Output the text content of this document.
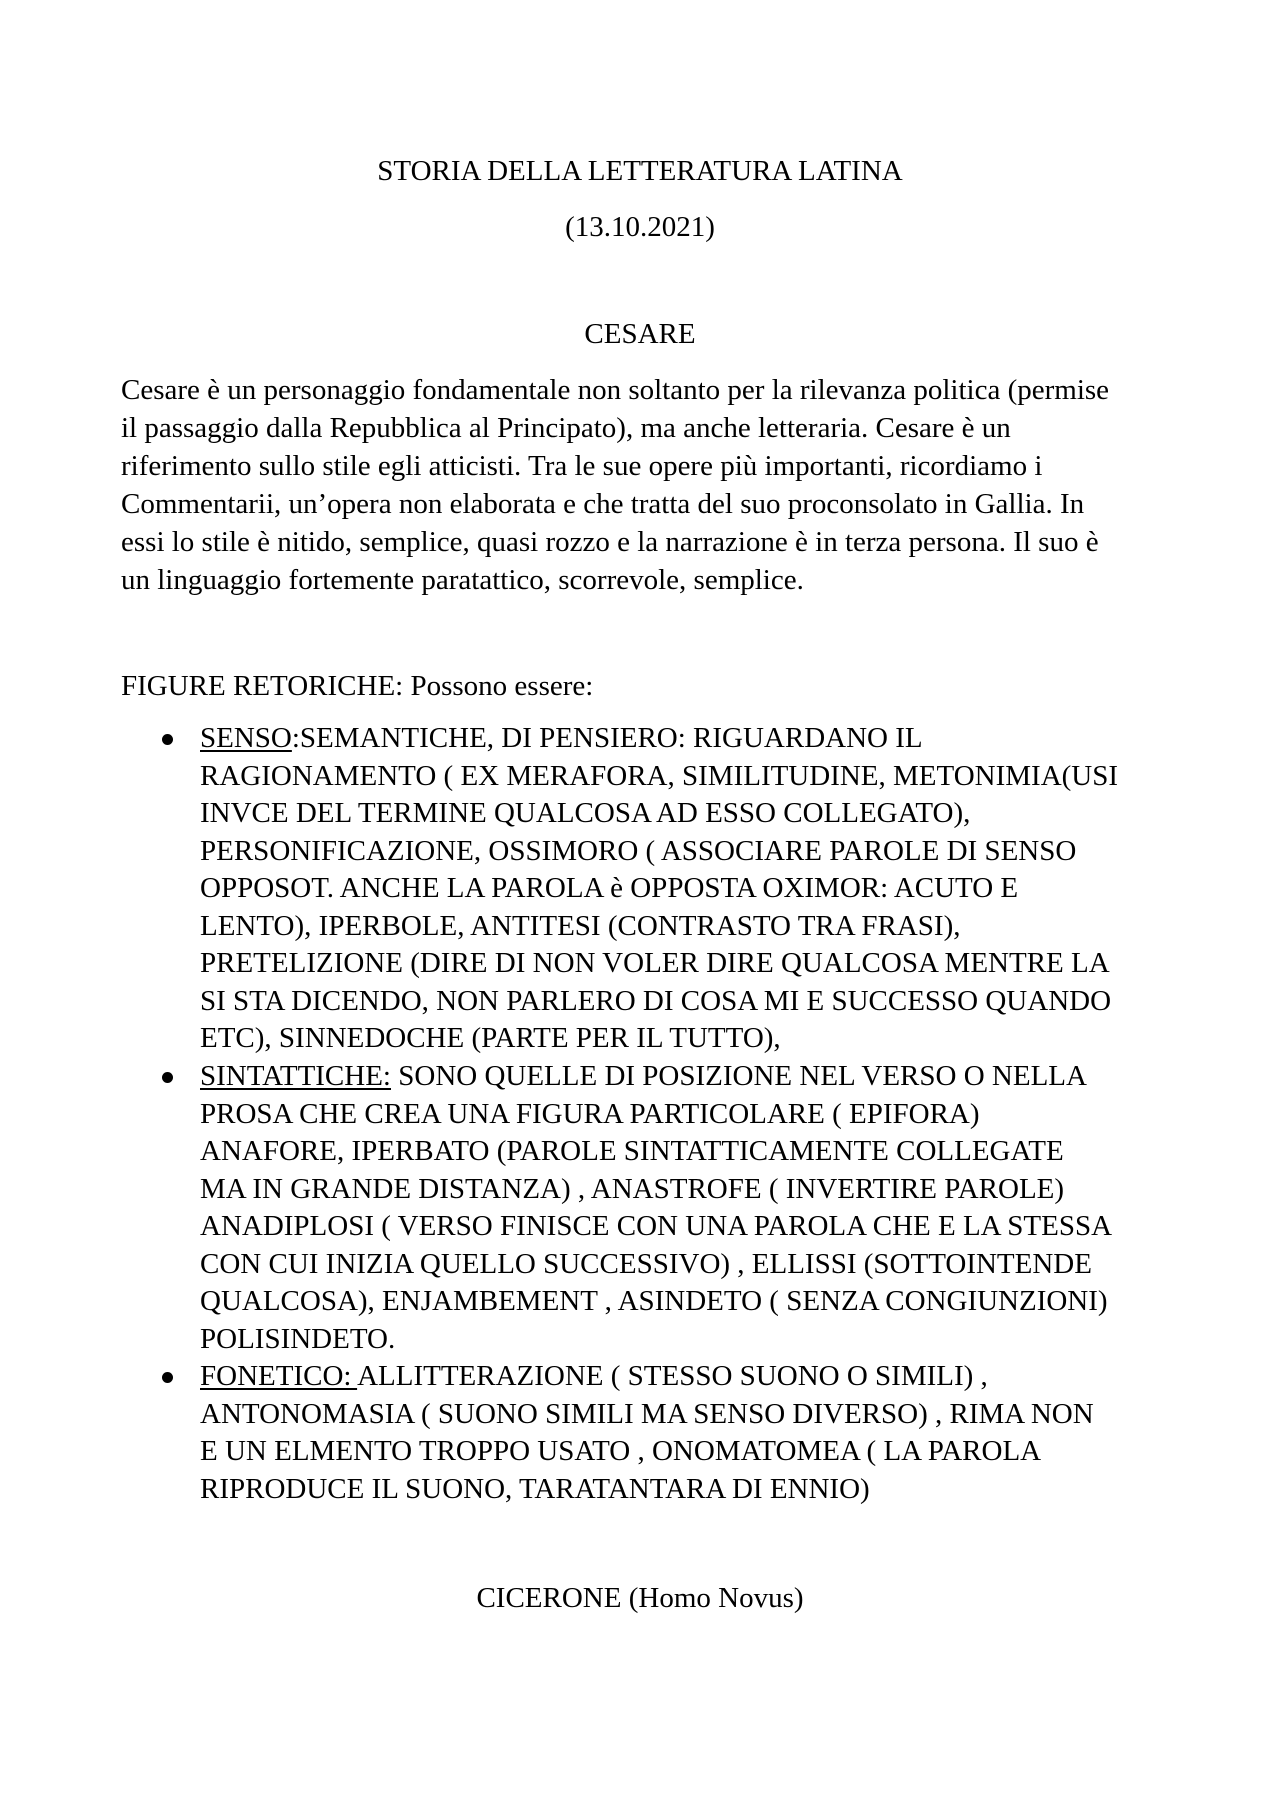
STORIA DELLA LETTERATURA LATINA
(13.10.2021)
CESARE
Cesare è un personaggio fondamentale non soltanto per la rilevanza politica (permise
il passaggio dalla Repubblica al Principato), ma anche letteraria. Cesare è un
riferimento sullo stile egli atticisti. Tra le sue opere più importanti, ricordiamo i
Commentarii, un’opera non elaborata e che tratta del suo proconsolato in Gallia. In
essi lo stile è nitido, semplice, quasi rozzo e la narrazione è in terza persona. Il suo è
un linguaggio fortemente paratattico, scorrevole, semplice.
FIGURE RETORICHE: Possono essere:
SENSO:SEMANTICHE, DI PENSIERO: RIGUARDANO IL
RAGIONAMENTO ( EX MERAFORA, SIMILITUDINE, METONIMIA(USI
INVCE DEL TERMINE QUALCOSA AD ESSO COLLEGATO),
PERSONIFICAZIONE, OSSIMORO ( ASSOCIARE PAROLE DI SENSO
OPPOSOT. ANCHE LA PAROLA è OPPOSTA OXIMOR: ACUTO E
LENTO), IPERBOLE, ANTITESI (CONTRASTO TRA FRASI),
PRETELIZIONE (DIRE DI NON VOLER DIRE QUALCOSA MENTRE LA
SI STA DICENDO, NON PARLERO DI COSA MI E SUCCESSO QUANDO
ETC), SINNEDOCHE (PARTE PER IL TUTTO),
SINTATTICHE: SONO QUELLE DI POSIZIONE NEL VERSO O NELLA
PROSA CHE CREA UNA FIGURA PARTICOLARE ( EPIFORA)
ANAFORE, IPERBATO (PAROLE SINTATTICAMENTE COLLEGATE
MA IN GRANDE DISTANZA) , ANASTROFE ( INVERTIRE PAROLE)
ANADIPLOSI ( VERSO FINISCE CON UNA PAROLA CHE E LA STESSA
CON CUI INIZIA QUELLO SUCCESSIVO) , ELLISSI (SOTTOINTENDE
QUALCOSA), ENJAMBEMENT , ASINDETO ( SENZA CONGIUNZIONI)
POLISINDETO.
FONETICO: ALLITTERAZIONE ( STESSO SUONO O SIMILI) ,
ANTONOMASIA ( SUONO SIMILI MA SENSO DIVERSO) , RIMA NON
E UN ELMENTO TROPPO USATO , ONOMATOMEA ( LA PAROLA
RIPRODUCE IL SUONO, TARATANTARA DI ENNIO)
CICERONE (Homo Novus)
